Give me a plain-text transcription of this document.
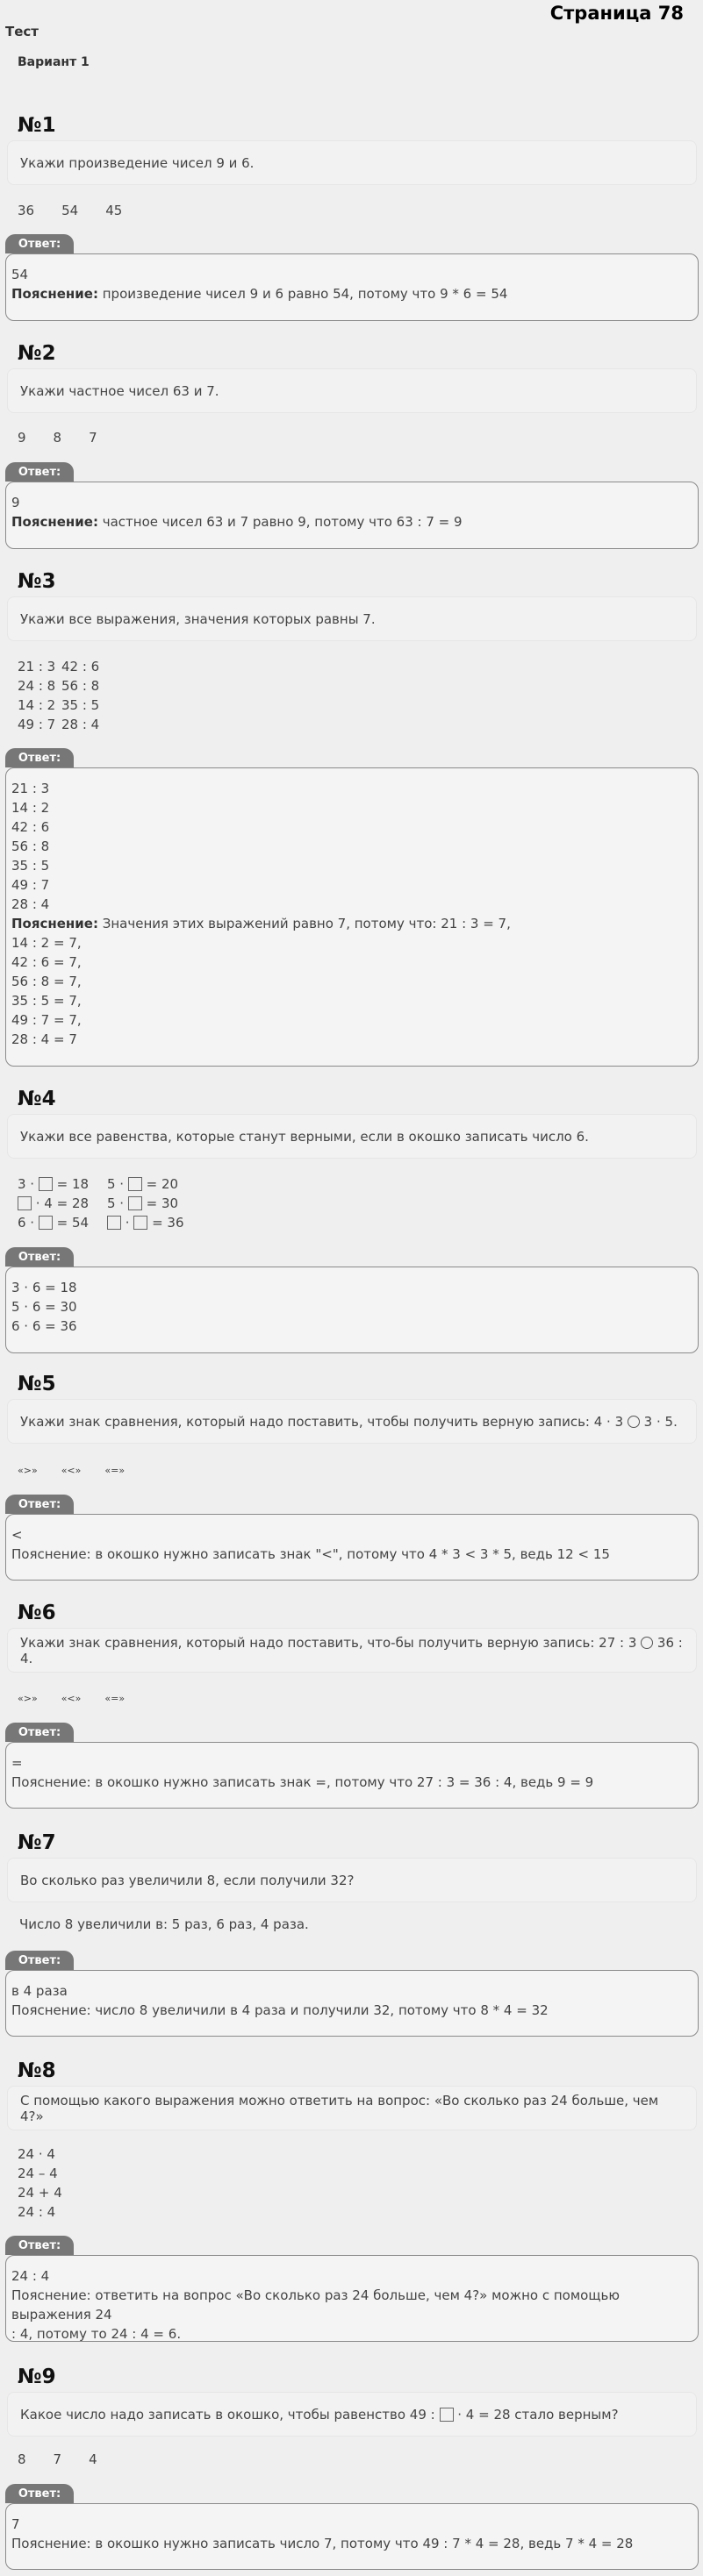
Страница 78
Тест
Вариант 1
№1
Укажи произведение чисел 9 и 6.
36 54 45
Ответ:
54
Пояснение: произведение чисел 9 и 6 равно 54, потому что 9 * 6 = 54
№2
Укажи частное чисел 63 и 7.
9 8 7
Ответ:
9
Пояснение: частное чисел 63 и 7 равно 9, потому что 63 : 7 = 9
№3
Укажи все выражения, значения которых равны 7.
21 : 3 42 : 6
24 : 8 56 : 8
14 : 2 35 : 5
49 : 7 28 : 4
Ответ:
21 : 3
14 : 2
42 : 6
56 : 8
35 : 5
49 : 7
28 : 4
Пояснение: Значения этих выражений равно 7, потому что: 21 : 3 = 7,
14 : 2 = 7,
42 : 6 = 7,
56 : 8 = 7,
35 : 5 = 7,
49 : 7 = 7,
28 : 4 = 7
№4
Укажи все равенства, которые станут верными, если в окошко записать число 6.
3 ·  = 18	5 ·  = 20
· 4 = 28	5 ·  = 30
6 ·  = 54	·  = 36
Ответ:
3 · 6 = 18
5 · 6 = 30
6 · 6 = 36
№5
Укажи знак сравнения, который надо поставить, чтобы получить верную запись: 4 · 3  3 · 5.
«>» «<» «=»
Ответ:
<
Пояснение: в окошко нужно записать знак "<", потому что 4 * 3 < 3 * 5, ведь 12 < 15
№6
Укажи знак сравнения, который надо поставить, что-бы получить верную запись: 27 : 3  36 : 4.
«>» «<» «=»
Ответ:
=
Пояснение: в окошко нужно записать знак =, потому что 27 : 3 = 36 : 4, ведь 9 = 9
№7
Во сколько раз увеличили 8, если получили 32?
Число 8 увеличили в: 5 раз, 6 раз, 4 раза.
Ответ:
в 4 раза
Пояснение: число 8 увеличили в 4 раза и получили 32, потому что 8 * 4 = 32
№8
С помощью какого выражения можно ответить на вопрос: «Во сколько раз 24 больше, чем 4?»
24 · 4
24 – 4
24 + 4
24 : 4
Ответ:
24 : 4
Пояснение: ответить на вопрос «Во сколько раз 24 больше, чем 4?» можно с помощью выражения 24
: 4, потому то 24 : 4 = 6.
№9
Какое число надо записать в окошко, чтобы равенство 49 :  · 4 = 28 стало верным?
8 7 4
Ответ:
7
Пояснение: в окошко нужно записать число 7, потому что 49 : 7 * 4 = 28, ведь 7 * 4 = 28
